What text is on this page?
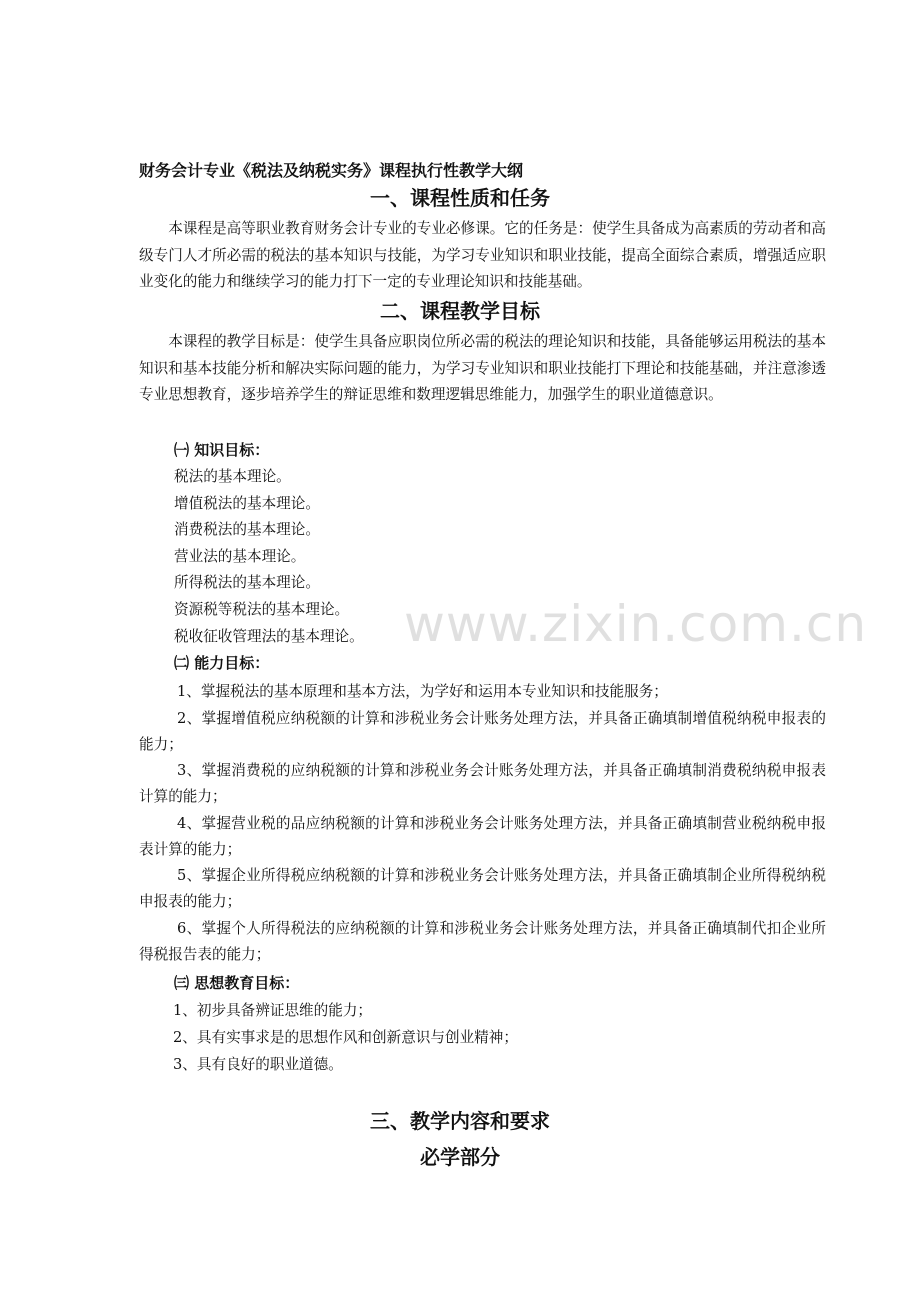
www.zixin.com.cn
财务会计专业《税法及纳税实务》课程执行性教学大纲
一、课程性质和任务

本课程是高等职业教育财务会计专业的专业必修课。它的任务是：使学生具备成为高素质的劳动者和高级专门人才所必需的税法的基本知识与技能，为学习专业知识和职业技能，提高全面综合素质，增强适应职业变化的能力和继续学习的能力打下一定的专业理论知识和技能基础。

二、课程教学目标

本课程的教学目标是：使学生具备应职岗位所必需的税法的理论知识和技能，具备能够运用税法的基本知识和基本技能分析和解决实际问题的能力，为学习专业知识和职业技能打下理论和技能基础，并注意渗透专业思想教育，逐步培养学生的辩证思维和数理逻辑思维能力，加强学生的职业道德意识。

㈠ 知识目标：
税法的基本理论。
增值税法的基本理论。
消费税法的基本理论。
营业法的基本理论。
所得税法的基本理论。
资源税等税法的基本理论。
税收征收管理法的基本理论。
㈡ 能力目标：
1、掌握税法的基本原理和基本方法，为学好和运用本专业知识和技能服务；
2、掌握增值税应纳税额的计算和涉税业务会计账务处理方法，并具备正确填制增值税纳税申报表的能力；
3、掌握消费税的应纳税额的计算和涉税业务会计账务处理方法，并具备正确填制消费税纳税申报表计算的能力；
4、掌握营业税的品应纳税额的计算和涉税业务会计账务处理方法，并具备正确填制营业税纳税申报表计算的能力；
5、掌握企业所得税应纳税额的计算和涉税业务会计账务处理方法，并具备正确填制企业所得税纳税申报表的能力；
6、掌握个人所得税法的应纳税额的计算和涉税业务会计账务处理方法，并具备正确填制代扣企业所得税报告表的能力；
㈢ 思想教育目标：
1、初步具备辨证思维的能力；
2、具有实事求是的思想作风和创新意识与创业精神；
3、具有良好的职业道德。
三、教学内容和要求
必学部分
